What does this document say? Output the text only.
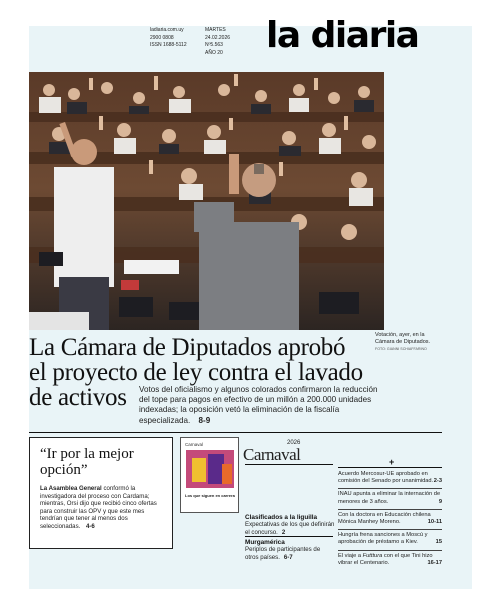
ladiaria.com.uy
2900 0808
ISSN 1688-5112
MARTES
24.02.2026
Nº5.563
AÑO 20 la diaria
Votación, ayer, en la Cámara de Diputados.
FOTO: GIANNI SCHIAFFARINO
La Cámara de Diputados aprobó
el proyecto de ley contra el lavado
de activos	Votos del oficialismo y algunos colorados confirmaron la reducción del tope para pagos en efectivo de un millón a 200.000 unidades indexadas; la oposición vetó la eliminación de la fiscalía especializada. 8-9
“Ir por la mejor opción”
La Asamblea General conformó la investigadora del proceso con Cardama; mientras, Orsi dijo que recibió cinco ofertas para construir las OPV y que este mes tendrían que tener al menos dos seleccionadas. 4-6
Carnaval
Los que siguen en carrera
Carnaval
2026
Clasificados a la liguilla
Expectativas de los que definirán el concurso. 2
Murgamérica
Periplos de participantes de otros países. 6-7
+
Acuerdo Mercosur-UE aprobado en comisión del Senado por unanimidad. 2-3
INAU apunta a eliminar la internación de menores de 3 años.	9
Con la doctora en Educación chilena Mónica Manhey Moreno.	10-11
Hungría frena sanciones a Moscú y aprobación de préstamo a Kiev.	15
El viaje a Futttura con el que Tini hizo vibrar el Centenario.	16-17
